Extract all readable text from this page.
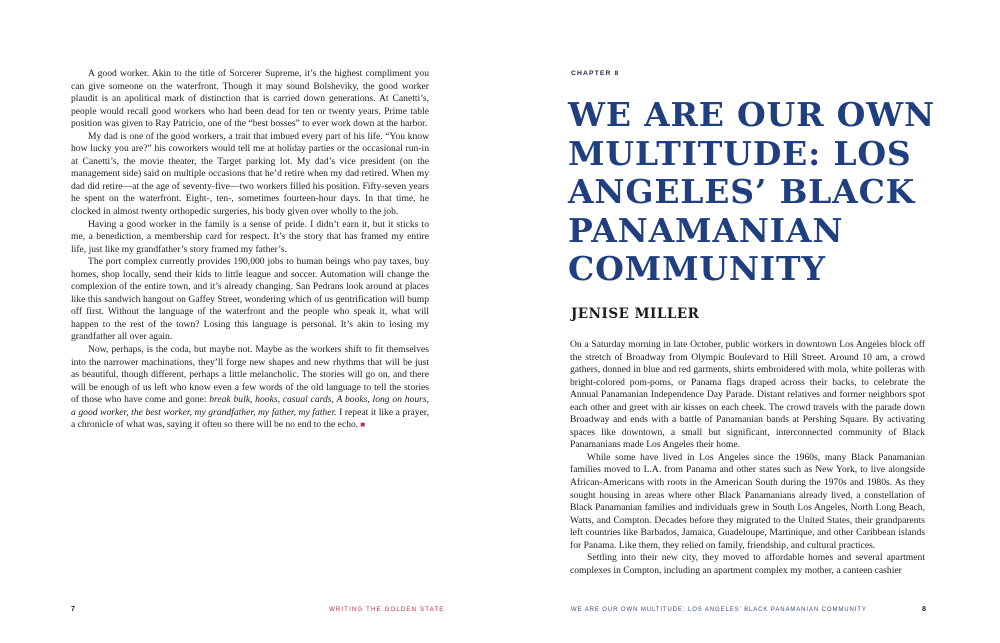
A good worker. Akin to the title of Sorcerer Supreme, it’s the highest compliment you can give someone on the waterfront. Though it may sound Bolsheviky, the good worker plaudit is an apolitical mark of distinction that is carried down generations. At Canetti’s, people would recall good workers who had been dead for ten or twenty years. Prime table position was given to Ray Patricio, one of the “best bosses” to ever work down at the harbor.

My dad is one of the good workers, a trait that imbued every part of his life. “You know how lucky you are?” his coworkers would tell me at holiday parties or the occasional run-in at Canetti’s, the movie theater, the Target parking lot. My dad’s vice president (on the management side) said on multiple occasions that he’d retire when my dad retired. When my dad did retire—at the age of seventy-five—two workers filled his position. Fifty-seven years he spent on the waterfront. Eight-, ten-, sometimes fourteen-hour days. In that time, he clocked in almost twenty orthopedic surgeries, his body given over wholly to the job.

Having a good worker in the family is a sense of pride. I didn’t earn it, but it sticks to me, a benediction, a membership card for respect. It’s the story that has framed my entire life, just like my grandfather’s story framed my father’s.

The port complex currently provides 190,000 jobs to human beings who pay taxes, buy homes, shop locally, send their kids to little league and soccer. Automation will change the complexion of the entire town, and it’s already changing. San Pedrans look around at places like this sandwich hangout on Gaffey Street, wondering which of us gentrification will bump off first. Without the language of the waterfront and the people who speak it, what will happen to the rest of the town? Losing this language is personal. It’s akin to losing my grandfather all over again.

Now, perhaps, is the coda, but maybe not. Maybe as the workers shift to fit themselves into the narrower machinations, they’ll forge new shapes and new rhythms that will be just as beautiful, though different, perhaps a little melancholic. The stories will go on, and there will be enough of us left who know even a few words of the old language to tell the stories of those who have come and gone: break bulk, hooks, casual cards, A books, long on hours, a good worker, the best worker, my grandfather, my father, my father. I repeat it like a prayer, a chronicle of what was, saying it often so there will be no end to the echo. ■

7	WRITING THE GOLDEN STATE
CHAPTER 8
WE ARE OUR OWN MULTITUDE: LOS ANGELES’ BLACK PANAMANIAN COMMUNITY
JENISE MILLER

On a Saturday morning in late October, public workers in downtown Los Angeles block off the stretch of Broadway from Olympic Boulevard to Hill Street. Around 10 am, a crowd gathers, donned in blue and red garments, shirts embroidered with mola, white polleras with bright-colored pom-poms, or Panama flags draped across their backs, to celebrate the Annual Panamanian Independence Day Parade. Distant relatives and former neighbors spot each other and greet with air kisses on each cheek. The crowd travels with the parade down Broadway and ends with a battle of Panamanian bands at Pershing Square. By activating spaces like downtown, a small but significant, interconnected community of Black Panamanians made Los Angeles their home.

While some have lived in Los Angeles since the 1960s, many Black Panamanian families moved to L.A. from Panama and other states such as New York, to live alongside African-Americans with roots in the American South during the 1970s and 1980s. As they sought housing in areas where other Black Panamanians already lived, a constellation of Black Panamanian families and individuals grew in South Los Angeles, North Long Beach, Watts, and Compton. Decades before they migrated to the United States, their grandparents left countries like Barbados, Jamaica, Guadeloupe, Martinique, and other Caribbean islands for Panama. Like them, they relied on family, friendship, and cultural practices.

Settling into their new city, they moved to affordable homes and several apartment complexes in Compton, including an apartment complex my mother, a canteen cashier

WE ARE OUR OWN MULTITUDE: LOS ANGELES’ BLACK PANAMANIAN COMMUNITY	8
